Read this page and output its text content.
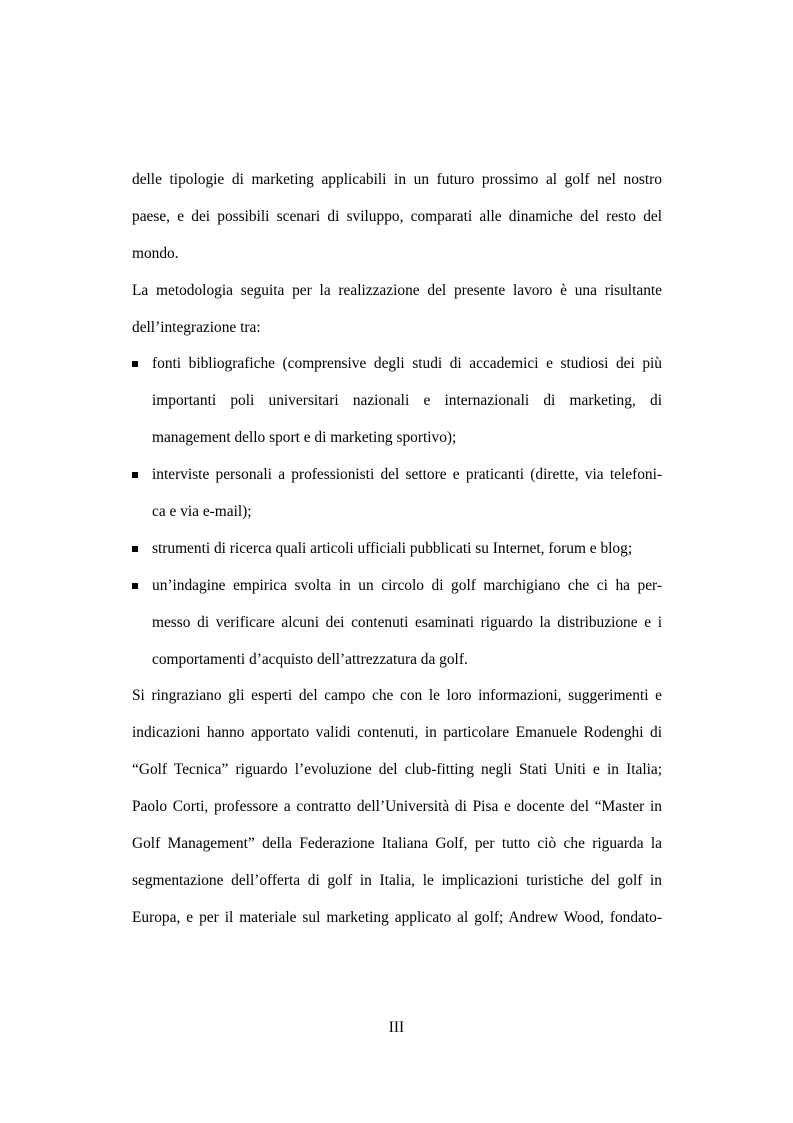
delle tipologie di marketing applicabili in un futuro prossimo al golf nel nostro
paese, e dei possibili scenari di sviluppo, comparati alle dinamiche del resto del
mondo.
La metodologia seguita per la realizzazione del presente lavoro è una risultante
dell’integrazione tra:
fonti bibliografiche (comprensive degli studi di accademici e studiosi dei più
importanti poli universitari nazionali e internazionali di marketing, di
management dello sport e di marketing sportivo);
interviste personali a professionisti del settore e praticanti (dirette, via telefoni-
ca e via e-mail);
strumenti di ricerca quali articoli ufficiali pubblicati su Internet, forum e blog;
un’indagine empirica svolta in un circolo di golf marchigiano che ci ha per-
messo di verificare alcuni dei contenuti esaminati riguardo la distribuzione e i
comportamenti d’acquisto dell’attrezzatura da golf.
Si ringraziano gli esperti del campo che con le loro informazioni, suggerimenti e
indicazioni hanno apportato validi contenuti, in particolare Emanuele Rodenghi di
“Golf Tecnica” riguardo l’evoluzione del club-fitting negli Stati Uniti e in Italia;
Paolo Corti, professore a contratto dell’Università di Pisa e docente del “Master in
Golf Management” della Federazione Italiana Golf, per tutto ciò che riguarda la
segmentazione dell’offerta di golf in Italia, le implicazioni turistiche del golf in
Europa, e per il materiale sul marketing applicato al golf; Andrew Wood, fondato-
III
